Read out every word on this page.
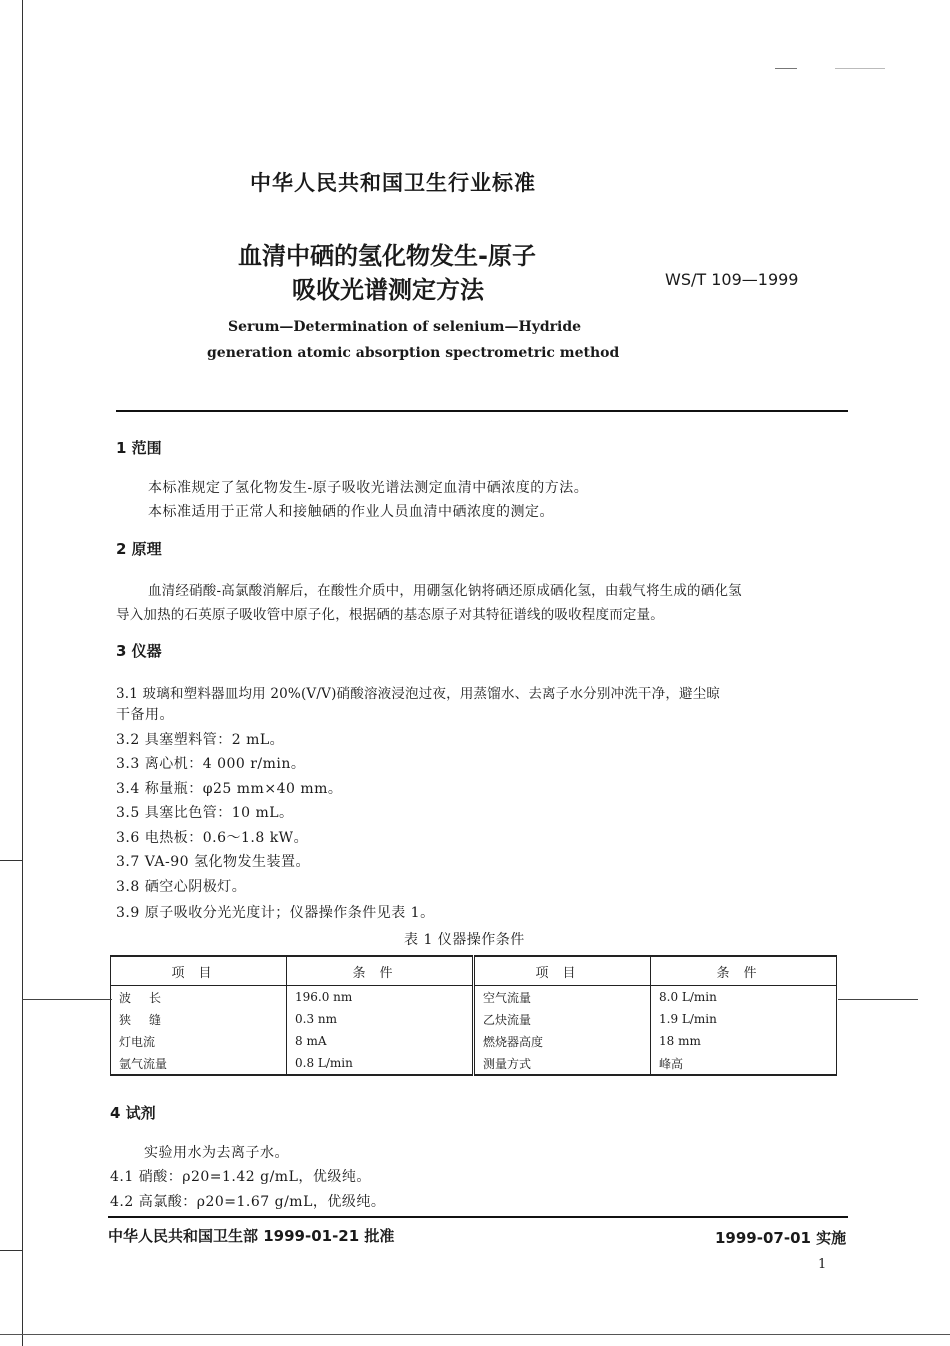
中华人民共和国卫生行业标准
血清中硒的氢化物发生-原子
吸收光谱测定方法	WS/T 109—1999
Serum—Determination of selenium—Hydride
generation atomic absorption spectrometric method
1 范围
本标准规定了氢化物发生-原子吸收光谱法测定血清中硒浓度的方法。
本标准适用于正常人和接触硒的作业人员血清中硒浓度的测定。
2 原理
血清经硝酸-高氯酸消解后，在酸性介质中，用硼氢化钠将硒还原成硒化氢，由载气将生成的硒化氢
导入加热的石英原子吸收管中原子化，根据硒的基态原子对其特征谱线的吸收程度而定量。
3 仪器
3.1 玻璃和塑料器皿均用 20%(V/V)硝酸溶液浸泡过夜，用蒸馏水、去离子水分别冲洗干净，避尘晾
干备用。
3.2 具塞塑料管：2 mL。
3.3 离心机：4 000 r/min。
3.4 称量瓶：φ25 mm×40 mm。
3.5 具塞比色管：10 mL。
3.6 电热板：0.6～1.8 kW。
3.7 VA-90 氢化物发生装置。
3.8 硒空心阴极灯。
3.9 原子吸收分光光度计；仪器操作条件见表 1。
表 1 仪器操作条件
项目	条件	项目	条件
波长	196.0 nm	空气流量	8.0 L/min
狭缝	0.3 nm	乙炔流量	1.9 L/min
灯电流	8 mA	燃烧器高度	18 mm
氩气流量	0.8 L/min	测量方式	峰高
4 试剂
实验用水为去离子水。
4.1 硝酸：ρ20=1.42 g/mL，优级纯。
4.2 高氯酸：ρ20=1.67 g/mL，优级纯。
中华人民共和国卫生部 1999-01-21 批准	1999-07-01 实施
1
